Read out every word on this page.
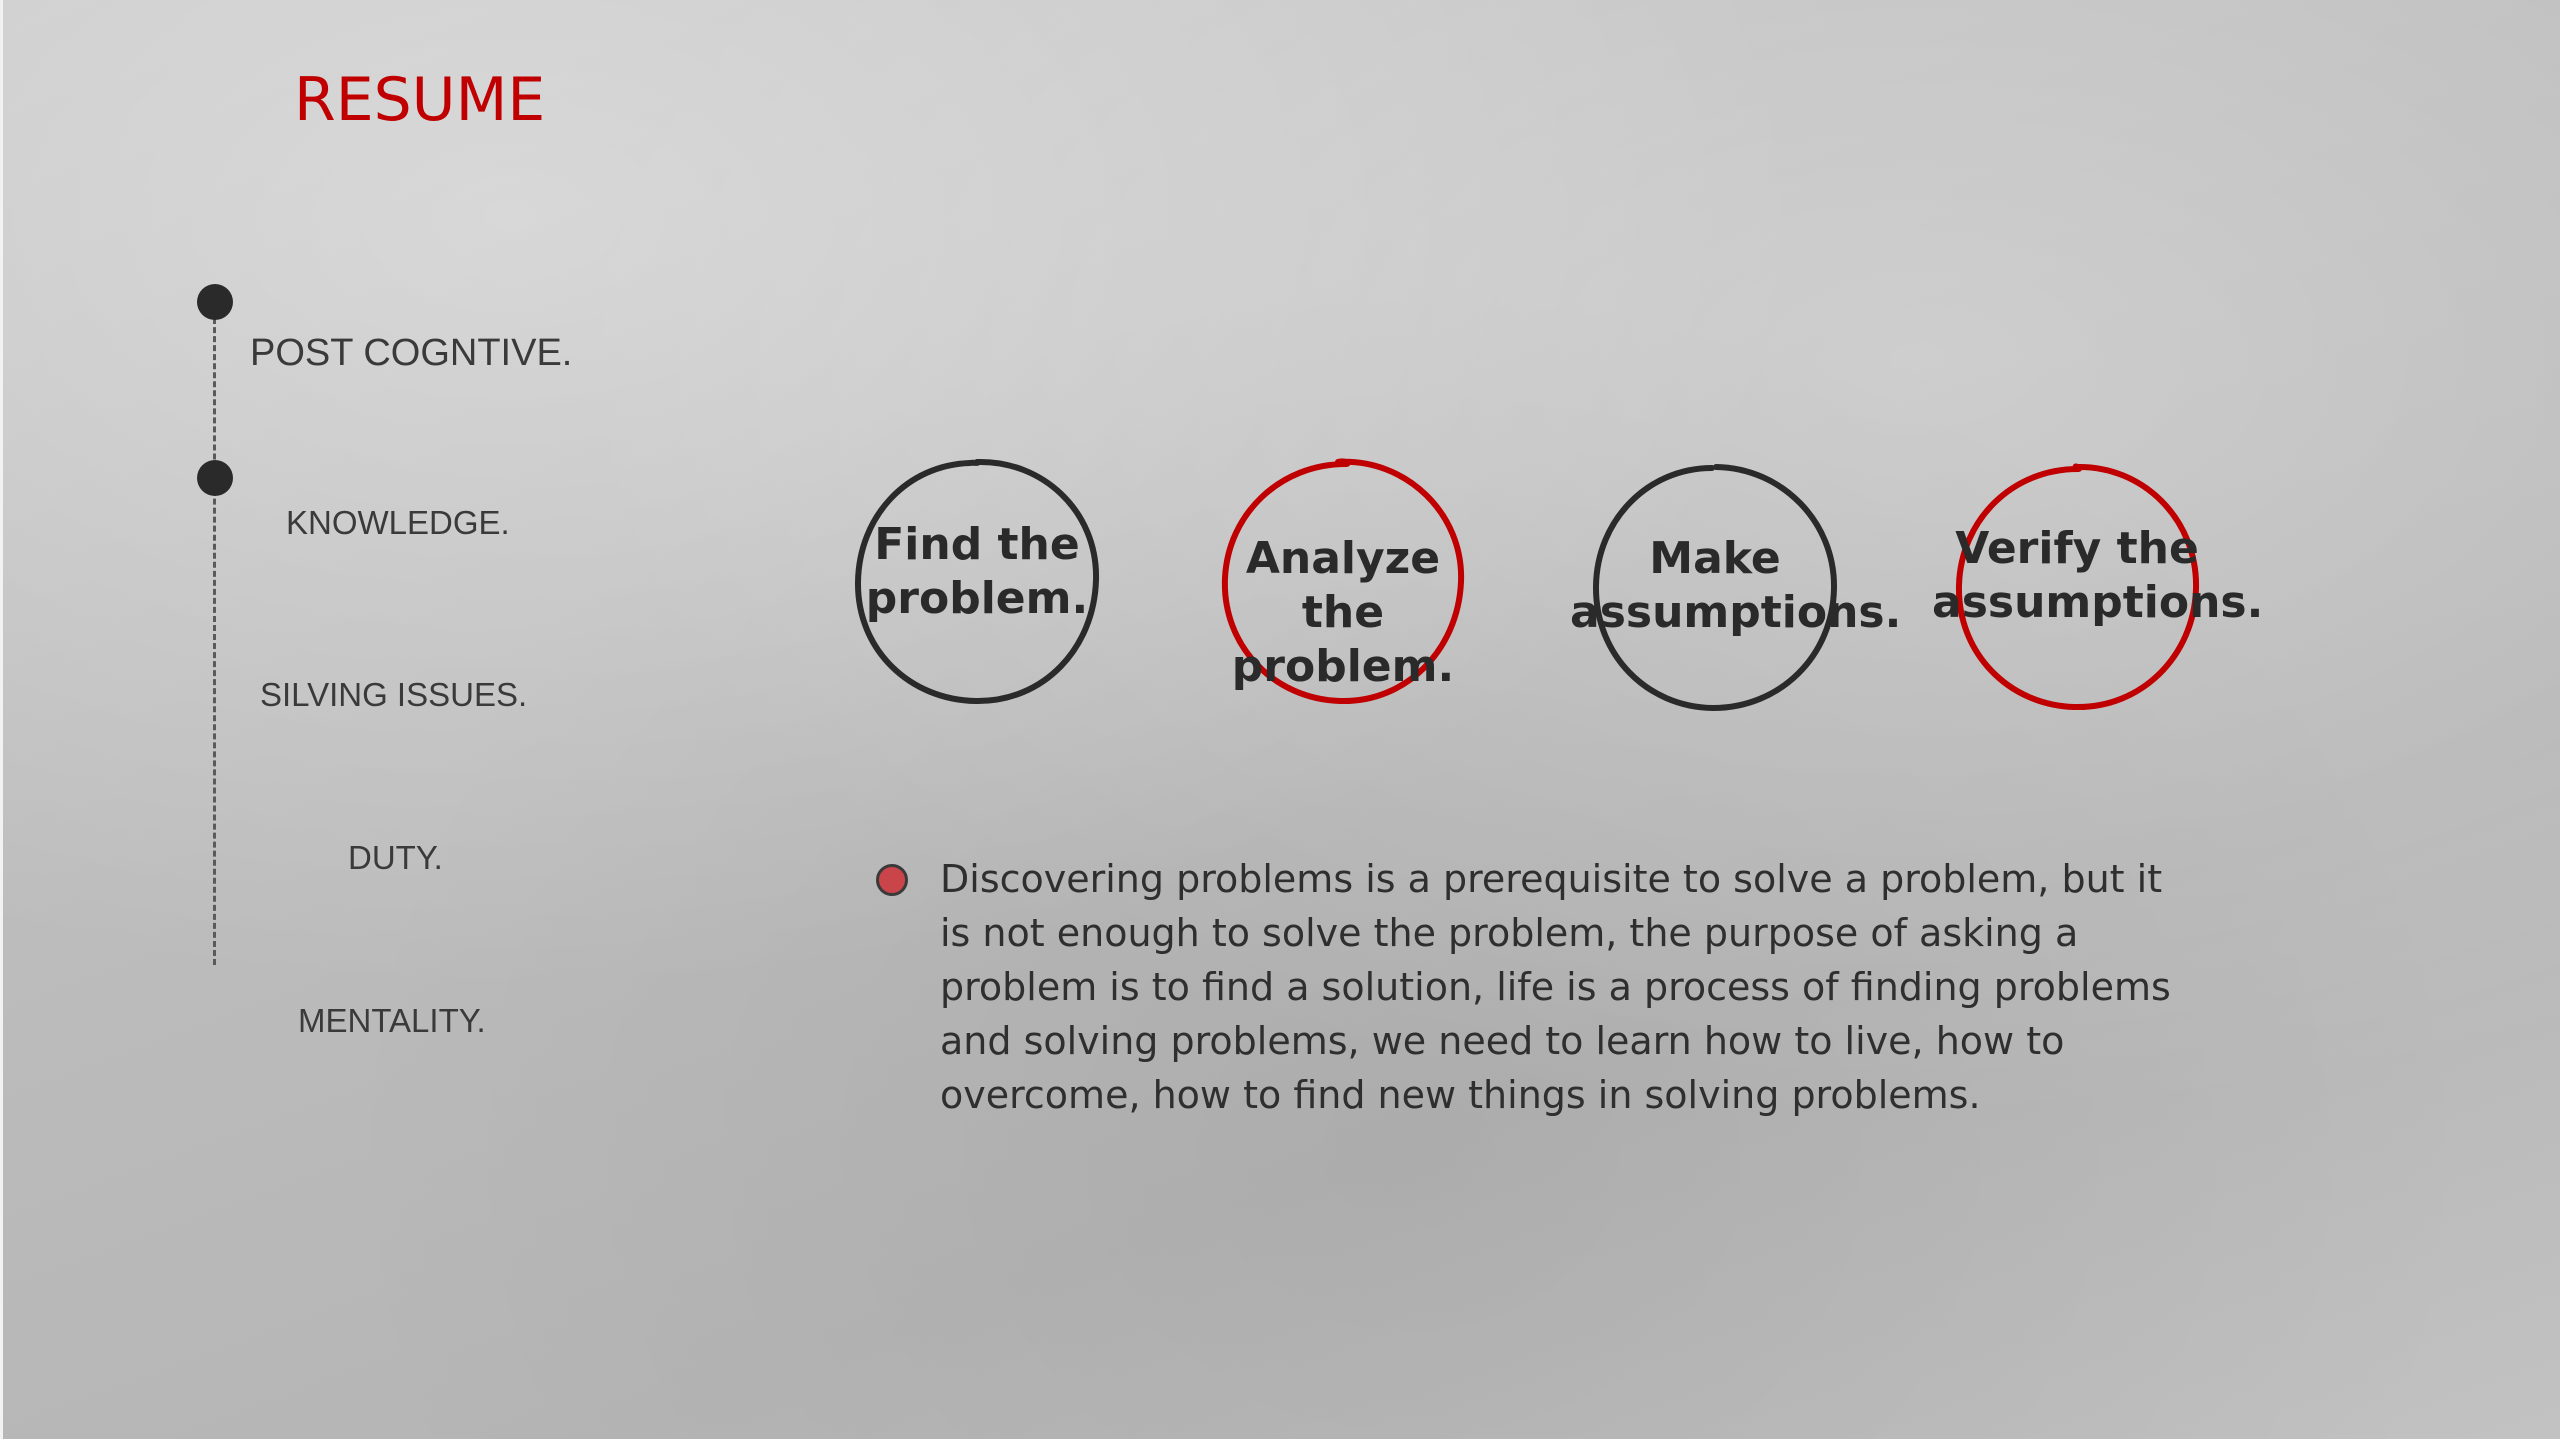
RESUME
POST COGNTIVE.
KNOWLEDGE.
SILVING ISSUES.
DUTY.
MENTALITY.
Find the problem.
Analyze the problem.
Make assumptions.
Verify the assumptions.
Discovering problems is a prerequisite to solve a problem, but it is not enough to solve the problem, the purpose of asking a problem is to find a solution, life is a process of finding problems and solving problems, we need to learn how to live, how to overcome, how to find new things in solving problems.
